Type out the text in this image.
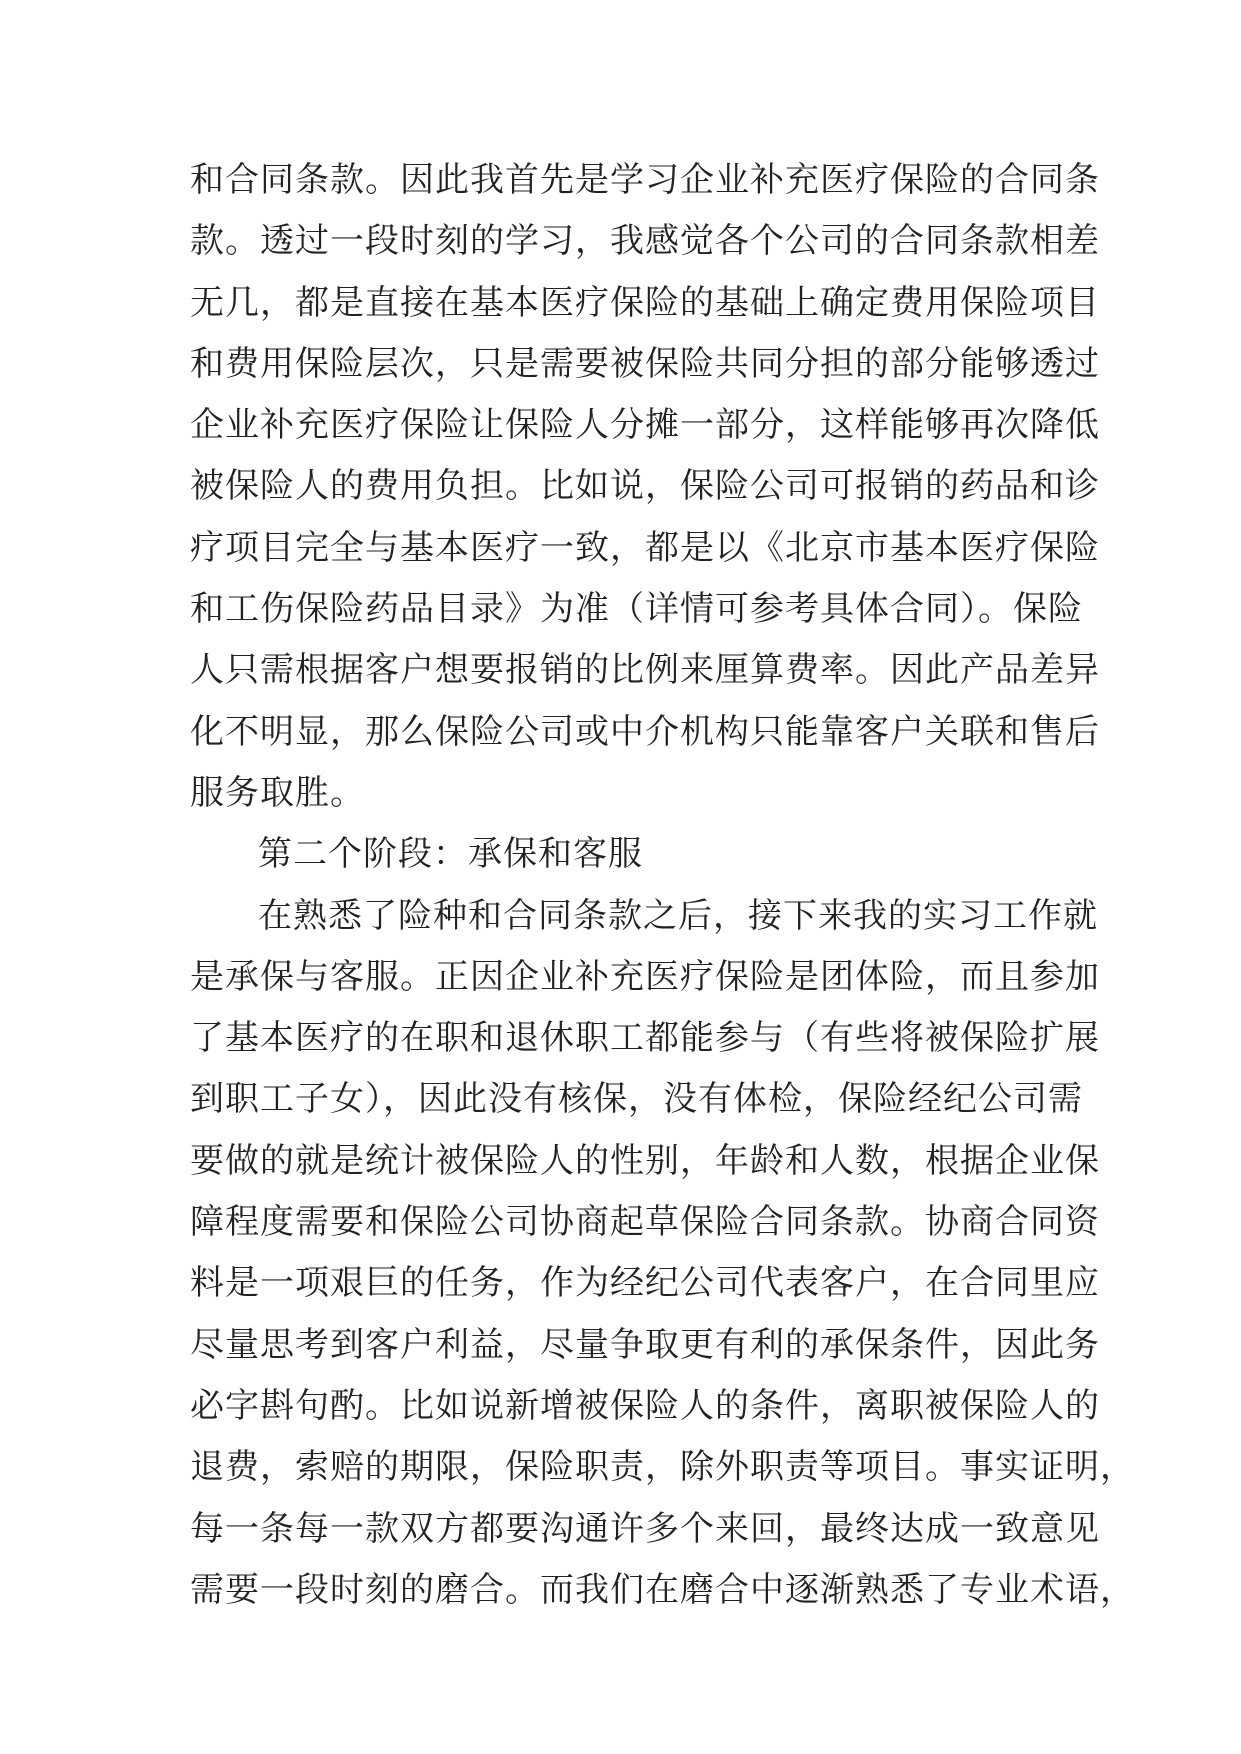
和合同条款。因此我首先是学习企业补充医疗保险的合同条
款。透过一段时刻的学习，我感觉各个公司的合同条款相差
无几，都是直接在基本医疗保险的基础上确定费用保险项目
和费用保险层次，只是需要被保险共同分担的部分能够透过
企业补充医疗保险让保险人分摊一部分，这样能够再次降低
被保险人的费用负担。比如说，保险公司可报销的药品和诊
疗项目完全与基本医疗一致，都是以《北京市基本医疗保险
和工伤保险药品目录》为准（详情可参考具体合同）。保险
人只需根据客户想要报销的比例来厘算费率。因此产品差异
化不明显，那么保险公司或中介机构只能靠客户关联和售后
服务取胜。
第二个阶段：承保和客服
在熟悉了险种和合同条款之后，接下来我的实习工作就
是承保与客服。正因企业补充医疗保险是团体险，而且参加
了基本医疗的在职和退休职工都能参与（有些将被保险扩展
到职工子女），因此没有核保，没有体检，保险经纪公司需
要做的就是统计被保险人的性别，年龄和人数，根据企业保
障程度需要和保险公司协商起草保险合同条款。协商合同资
料是一项艰巨的任务，作为经纪公司代表客户，在合同里应
尽量思考到客户利益，尽量争取更有利的承保条件，因此务
必字斟句酌。比如说新增被保险人的条件，离职被保险人的
退费，索赔的期限，保险职责，除外职责等项目。事实证明，
每一条每一款双方都要沟通许多个来回，最终达成一致意见
需要一段时刻的磨合。而我们在磨合中逐渐熟悉了专业术语，
